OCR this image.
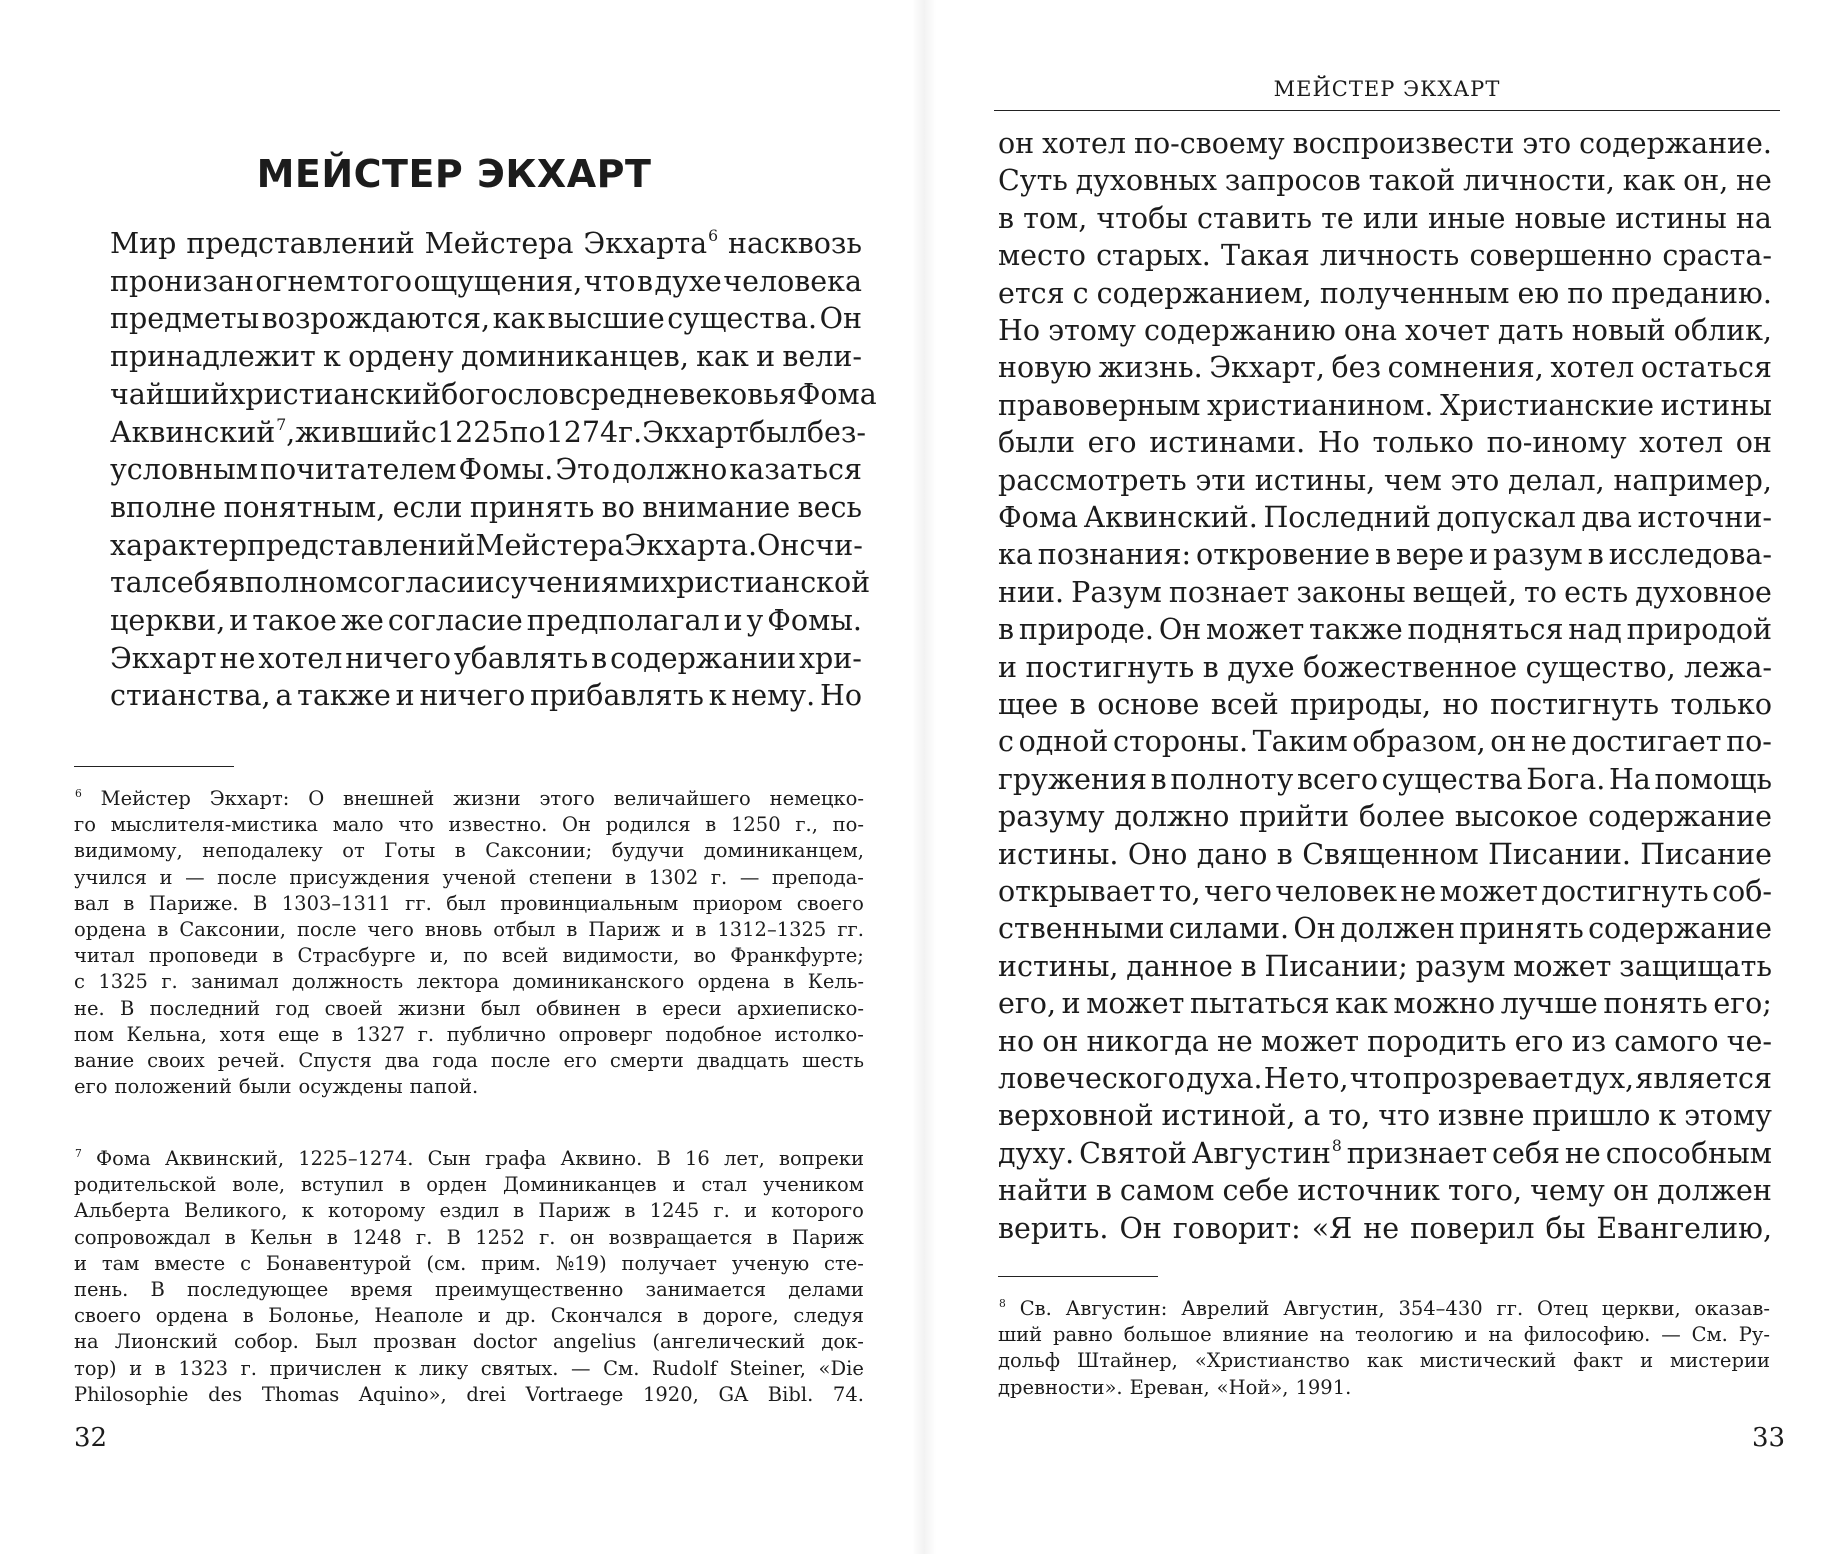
МЕЙСТЕР ЭКХАРТ
Мир представлений Мейстера Экхарта$^6$ насквозь
пронизан огнем того ощущения, что в духе человека
предметы возрождаются, как высшие существа. Он
принадлежит к ордену доминиканцев, как и вели-
чайший христианский богослов средневековья Фома
Аквинский$^7$, живший с 1225 по 1274 г. Экхарт был без-
условным почитателем Фомы. Это должно казаться
вполне понятным, если принять во внимание весь
характер представлений Мейстера Экхарта. Он счи-
тал себя в полном согласии с учениями христианской
церкви, и такое же согласие предполагал и у Фомы.
Экхарт не хотел ничего убавлять в содержании хри-
стианства, а также и ничего прибавлять к нему. Но
$^6$ Мейстер Экхарт: О внешней жизни этого величайшего немецко-
го мыслителя-мистика мало что известно. Он родился в 1250 г., по-
видимому, неподалеку от Готы в Саксонии; будучи доминиканцем,
учился и — после присуждения ученой степени в 1302 г. — препода-
вал в Париже. В 1303–1311 гг. был провинциальным приором своего
ордена в Саксонии, после чего вновь отбыл в Париж и в 1312–1325 гг.
читал проповеди в Страсбурге и, по всей видимости, во Франкфурте;
с 1325 г. занимал должность лектора доминиканского ордена в Кель-
не. В последний год своей жизни был обвинен в ереси архиеписко-
пом Кельна, хотя еще в 1327 г. публично опроверг подобное истолко-
вание своих речей. Спустя два года после его смерти двадцать шесть
его положений были осуждены папой.
$^7$ Фома Аквинский, 1225–1274. Сын графа Аквино. В 16 лет, вопреки
родительской воле, вступил в орден Доминиканцев и стал учеником
Альберта Великого, к которому ездил в Париж в 1245 г. и которого
сопровождал в Кельн в 1248 г. В 1252 г. он возвращается в Париж
и там вместе с Бонавентурой (см. прим. №19) получает ученую сте-
пень. В последующее время преимущественно занимается делами
своего ордена в Болонье, Неаполе и др. Скончался в дороге, следуя
на Лионский собор. Был прозван doctor angelius (ангелический док-
тор) и в 1323 г. причислен к лику святых. — См. Rudolf Steiner, «Die
Philosophie des Thomas Aquino», drei Vortraege 1920, GA Bibl. 74.
32
МЕЙСТЕР ЭКХАРТ
он хотел по-своему воспроизвести это содержание.
Суть духовных запросов такой личности, как он, не
в том, чтобы ставить те или иные новые истины на
место старых. Такая личность совершенно сраста-
ется с содержанием, полученным ею по преданию.
Но этому содержанию она хочет дать новый облик,
новую жизнь. Экхарт, без сомнения, хотел остаться
правоверным христианином. Христианские истины
были его истинами. Но только по-иному хотел он
рассмотреть эти истины, чем это делал, например,
Фома Аквинский. Последний допускал два источни-
ка познания: откровение в вере и разум в исследова-
нии. Разум познает законы вещей, то есть духовное
в природе. Он может также подняться над природой
и постигнуть в духе божественное существо, лежа-
щее в основе всей природы, но постигнуть только
с одной стороны. Таким образом, он не достигает по-
гружения в полноту всего существа Бога. На помощь
разуму должно прийти более высокое содержание
истины. Оно дано в Священном Писании. Писание
открывает то, чего человек не может достигнуть соб-
ственными силами. Он должен принять содержание
истины, данное в Писании; разум может защищать
его, и может пытаться как можно лучше понять его;
но он никогда не может породить его из самого че-
ловеческого духа. Не то, что прозревает дух, является
верховной истиной, а то, что извне пришло к этому
духу. Святой Августин$^8$ признает себя не способным
найти в самом себе источник того, чему он должен
верить. Он говорит: «Я не поверил бы Евангелию,
$^8$ Св. Августин: Аврелий Августин, 354–430 гг. Отец церкви, оказав-
ший равно большое влияние на теологию и на философию. — См. Ру-
дольф Штайнер, «Христианство как мистический факт и мистерии
древности». Ереван, «Ной», 1991.
33
